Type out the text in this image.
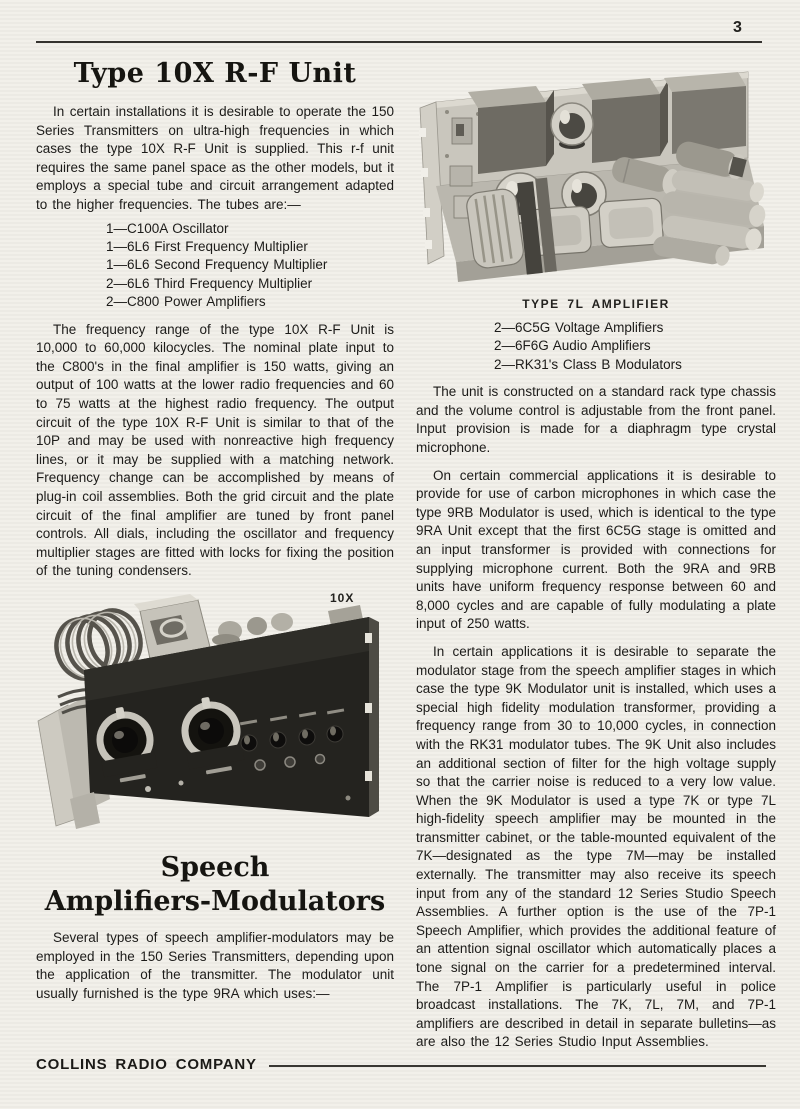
3
Type 10X R-F Unit

In certain installations it is desirable to operate the 150 Series Transmitters on ultra-high frequencies in which cases the type 10X R-F Unit is supplied. This r-f unit requires the same panel space as the other models, but it employs a special tube and circuit arrangement adapted to the higher frequencies. The tubes are:—

1—C100A Oscillator
1—6L6 First Frequency Multiplier
1—6L6 Second Frequency Multiplier
2—6L6 Third Frequency Multiplier
2—C800 Power Amplifiers

The frequency range of the type 10X R-F Unit is 10,000 to 60,000 kilocycles. The nominal plate input to the C800's in the final amplifier is 150 watts, giving an output of 100 watts at the lower radio frequencies and 60 to 75 watts at the highest radio frequency. The output circuit of the type 10X R-F Unit is similar to that of the 10P and may be used with nonreactive high frequency lines, or it may be supplied with a matching network. Frequency change can be accomplished by means of plug-in coil assemblies. Both the grid circuit and the plate circuit of the final amplifier are tuned by front panel controls. All dials, including the oscillator and frequency multiplier stages are fitted with locks for fixing the position of the tuning condensers.

10X
Speech
Amplifiers-Modulators

Several types of speech amplifier-modulators may be employed in the 150 Series Transmitters, depending upon the application of the transmitter. The modulator unit usually furnished is the type 9RA which uses:—

TYPE 7L AMPLIFIER
2—6C5G Voltage Amplifiers
2—6F6G Audio Amplifiers
2—RK31's Class B Modulators

The unit is constructed on a standard rack type chassis and the volume control is adjustable from the front panel. Input provision is made for a diaphragm type crystal microphone.

On certain commercial applications it is desirable to provide for use of carbon microphones in which case the type 9RB Modulator is used, which is identical to the type 9RA Unit except that the first 6C5G stage is omitted and an input transformer is provided with connections for supplying microphone current. Both the 9RA and 9RB units have uniform frequency response between 60 and 8,000 cycles and are capable of fully modulating a plate input of 250 watts.

In certain applications it is desirable to separate the modulator stage from the speech amplifier stages in which case the type 9K Modulator unit is installed, which uses a special high fidelity modulation transformer, providing a frequency range from 30 to 10,000 cycles, in connection with the RK31 modulator tubes. The 9K Unit also includes an additional section of filter for the high voltage supply so that the carrier noise is reduced to a very low value. When the 9K Modulator is used a type 7K or type 7L high-fidelity speech amplifier may be mounted in the transmitter cabinet, or the table-mounted equivalent of the 7K—designated as the type 7M—may be installed externally. The transmitter may also receive its speech input from any of the standard 12 Series Studio Speech Assemblies. A further option is the use of the 7P-1 Speech Amplifier, which provides the additional feature of an attention signal oscillator which automatically places a tone signal on the carrier for a predetermined interval. The 7P-1 Amplifier is particularly useful in police broadcast installations. The 7K, 7L, 7M, and 7P-1 amplifiers are described in detail in separate bulletins—as are also the 12 Series Studio Input Assemblies.

COLLINS RADIO COMPANY
